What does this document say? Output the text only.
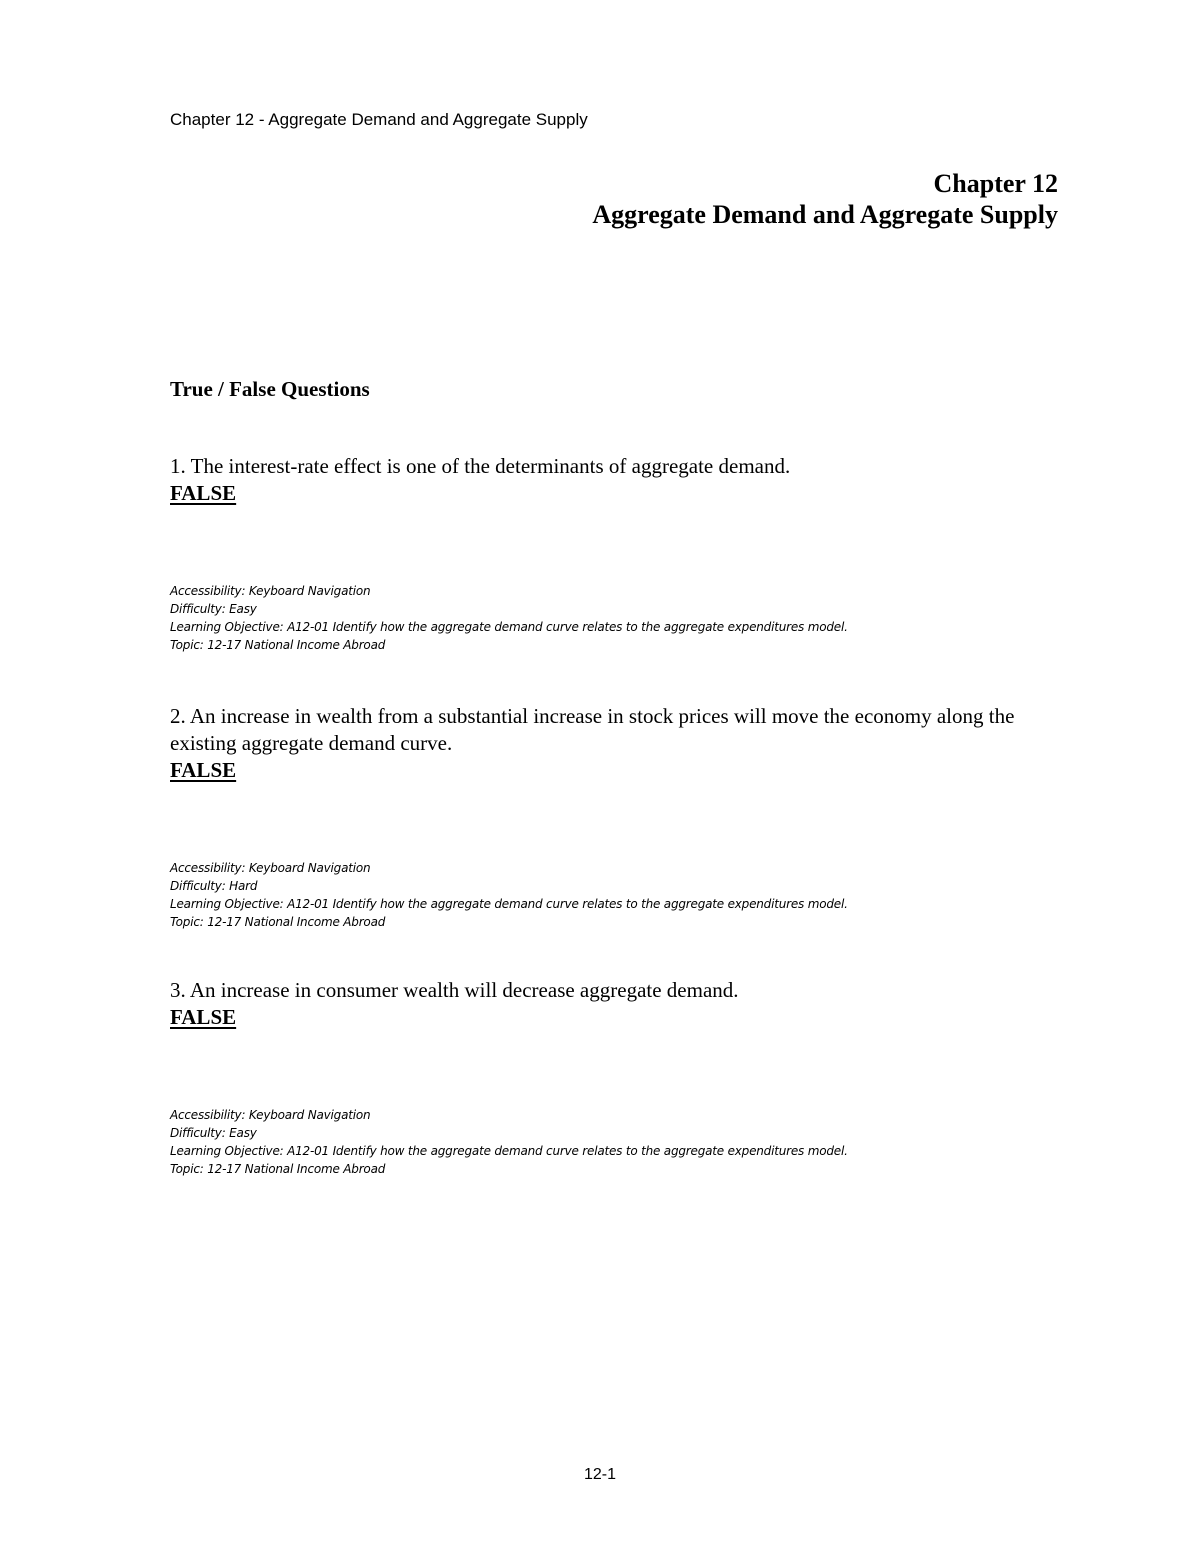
Chapter 12 - Aggregate Demand and Aggregate Supply
Chapter 12
Aggregate Demand and Aggregate Supply
True / False Questions
1. The interest-rate effect is one of the determinants of aggregate demand.
FALSE
Accessibility: Keyboard Navigation
Difficulty: Easy
Learning Objective: A12-01 Identify how the aggregate demand curve relates to the aggregate expenditures model.
Topic: 12-17 National Income Abroad
2. An increase in wealth from a substantial increase in stock prices will move the economy along the existing aggregate demand curve.
FALSE
Accessibility: Keyboard Navigation
Difficulty: Hard
Learning Objective: A12-01 Identify how the aggregate demand curve relates to the aggregate expenditures model.
Topic: 12-17 National Income Abroad
3. An increase in consumer wealth will decrease aggregate demand.
FALSE
Accessibility: Keyboard Navigation
Difficulty: Easy
Learning Objective: A12-01 Identify how the aggregate demand curve relates to the aggregate expenditures model.
Topic: 12-17 National Income Abroad
12-1
